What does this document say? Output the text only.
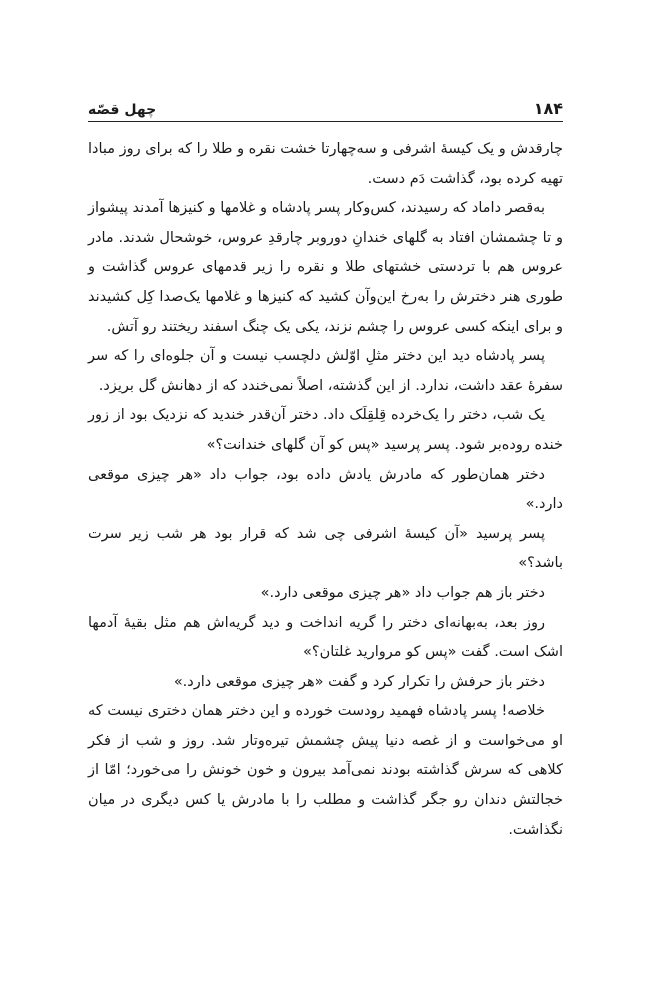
۱۸۴
چهل قصّه

چارقدش و یک کیسهٔ اشرفی و سه‌چهارتا خشت نقره و طلا را که برای روز مبادا تهیه کرده بود، گذاشت دَم دست.

به‌قصر داماد که رسیدند، کس‌وکار پسر پادشاه و غلامها و کنیزها آمدند پیشواز و تا چشمشان افتاد به گلهای خندانِ دوروبر چارقدِ عروس، خوشحال شدند. مادر عروس هم با تردستی خشتهای طلا و نقره را زیر قدمهای عروس گذاشت و طوری هنر دخترش را به‌رخ این‌وآن کشید که کنیزها و غلامها یک‌صدا کِل کشیدند و برای اینکه کسی عروس را چشم نزند، یکی یک چنگ اسفند ریختند رو آتش.

پسر پادشاه دید این دختر مثلِ اوّلش دلچسب نیست و آن جلوه‌ای را که سر سفرهٔ عقد داشت، ندارد. از این گذشته، اصلاً نمی‌خندد که از دهانش گل بریزد.

یک شب، دختر را یک‌خرده قِلقِلَک داد. دختر آن‌قدر خندید که نزدیک بود از زور خنده روده‌بر شود. پسر پرسید «پس کو آن گلهای خندانت؟»

دختر همان‌طور که مادرش یادش داده بود، جواب داد «هر چیزی موقعی دارد.»

پسر پرسید «آن کیسهٔ اشرفی چی شد که قرار بود هر شب زیر سرت باشد؟»

دختر باز هم جواب داد «هر چیزی موقعی دارد.»

روز بعد، به‌بهانه‌ای دختر را گریه انداخت و دید گریه‌اش هم مثل بقیهٔ آدمها اشک است. گفت «پس کو مروارید غلتان؟»

دختر باز حرفش را تکرار کرد و گفت «هر چیزی موقعی دارد.»

خلاصه! پسر پادشاه فهمید رودست خورده و این دختر همان دختری نیست که او می‌خواست و از غصه دنیا پیش چشمش تیره‌وتار شد. روز و شب از فکر کلاهی که سرش گذاشته بودند نمی‌آمد بیرون و خون خونش را می‌خورد؛ امّا از خجالتش دندان رو جگر گذاشت و مطلب را با مادرش یا کس دیگری در میان نگذاشت.
